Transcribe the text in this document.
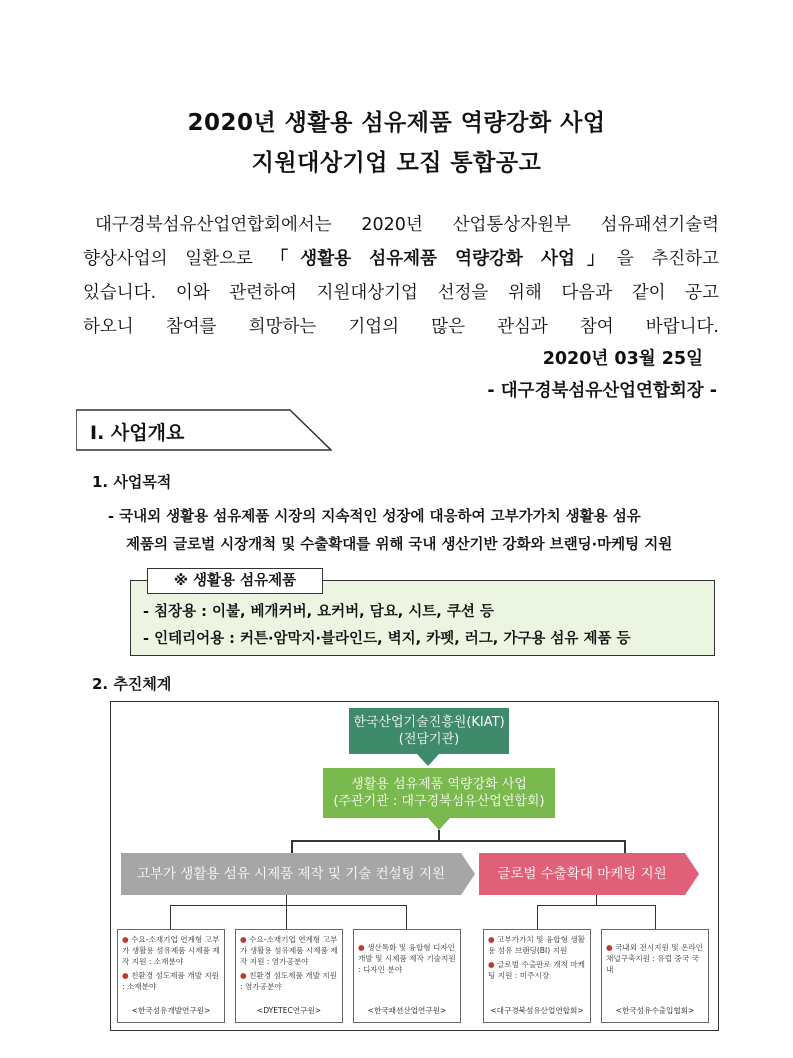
2020년 생활용 섬유제품 역량강화 사업
지원대상기업 모집 통합공고
대구경북섬유산업연합회에서는 2020년 산업통상자원부 섬유패션기술력
향상사업의 일환으로 「생활용 섬유제품 역량강화 사업」을 추진하고
있습니다. 이와 관련하여 지원대상기업 선정을 위해 다음과 같이 공고
하오니 참여를 희망하는 기업의 많은 관심과 참여 바랍니다.
2020년 03월 25일
- 대구경북섬유산업연합회장 -
Ⅰ. 사업개요
1. 사업목적
- 국내외 생활용 섬유제품 시장의 지속적인 성장에 대응하여 고부가가치 생활용 섬유
제품의 글로벌 시장개척 및 수출확대를 위해 국내 생산기반 강화와 브랜딩·마케팅 지원
- 침장용 : 이불, 베개커버, 요커버, 담요, 시트, 쿠션 등
- 인테리어용 : 커튼·암막지·블라인드, 벽지, 카펫, 러그, 가구용 섬유 제품 등
※ 생활용 섬유제품
2. 추진체계
한국산업기술진흥원(KIAT)
(전담기관)
생활용 섬유제품 역량강화 사업
(주관기관 : 대구경북섬유산업연합회)
고부가 생활용 섬유 시제품 제작 및 기술 컨설팅 지원	글로벌 수출확대 마케팅 지원
● 수요-소재기업 연계형 고부가 생활용 섬유제품 시제품 제작 지원 : 소재분야
● 친환경 섬도제품 개발 지원 : 소재분야
<한국섬유개발연구원>
● 수요-소재기업 연계형 고부가 생활용 섬유제품 시제품 제작 지원 : 염가공분야
● 친환경 섬도제품 개발 지원 : 염가공분야
<DYETEC연구원>
● 생산특화 및 융합형 디자인 개발 및 시제품 제작 기술지원 : 디자인 분야
<한국패션산업연구원>
● 고부가가치 및 융합형 생활용 섬유 브랜딩(BI) 지원
● 글로벌 수출판로 개척 마케팅 지원 : 미주시장
<대구경북섬유산업연합회>
● 국내외 전시지원 및 온라인 채널구축지원 : 유럽 중국 국내
<한국섬유수출입협회>
